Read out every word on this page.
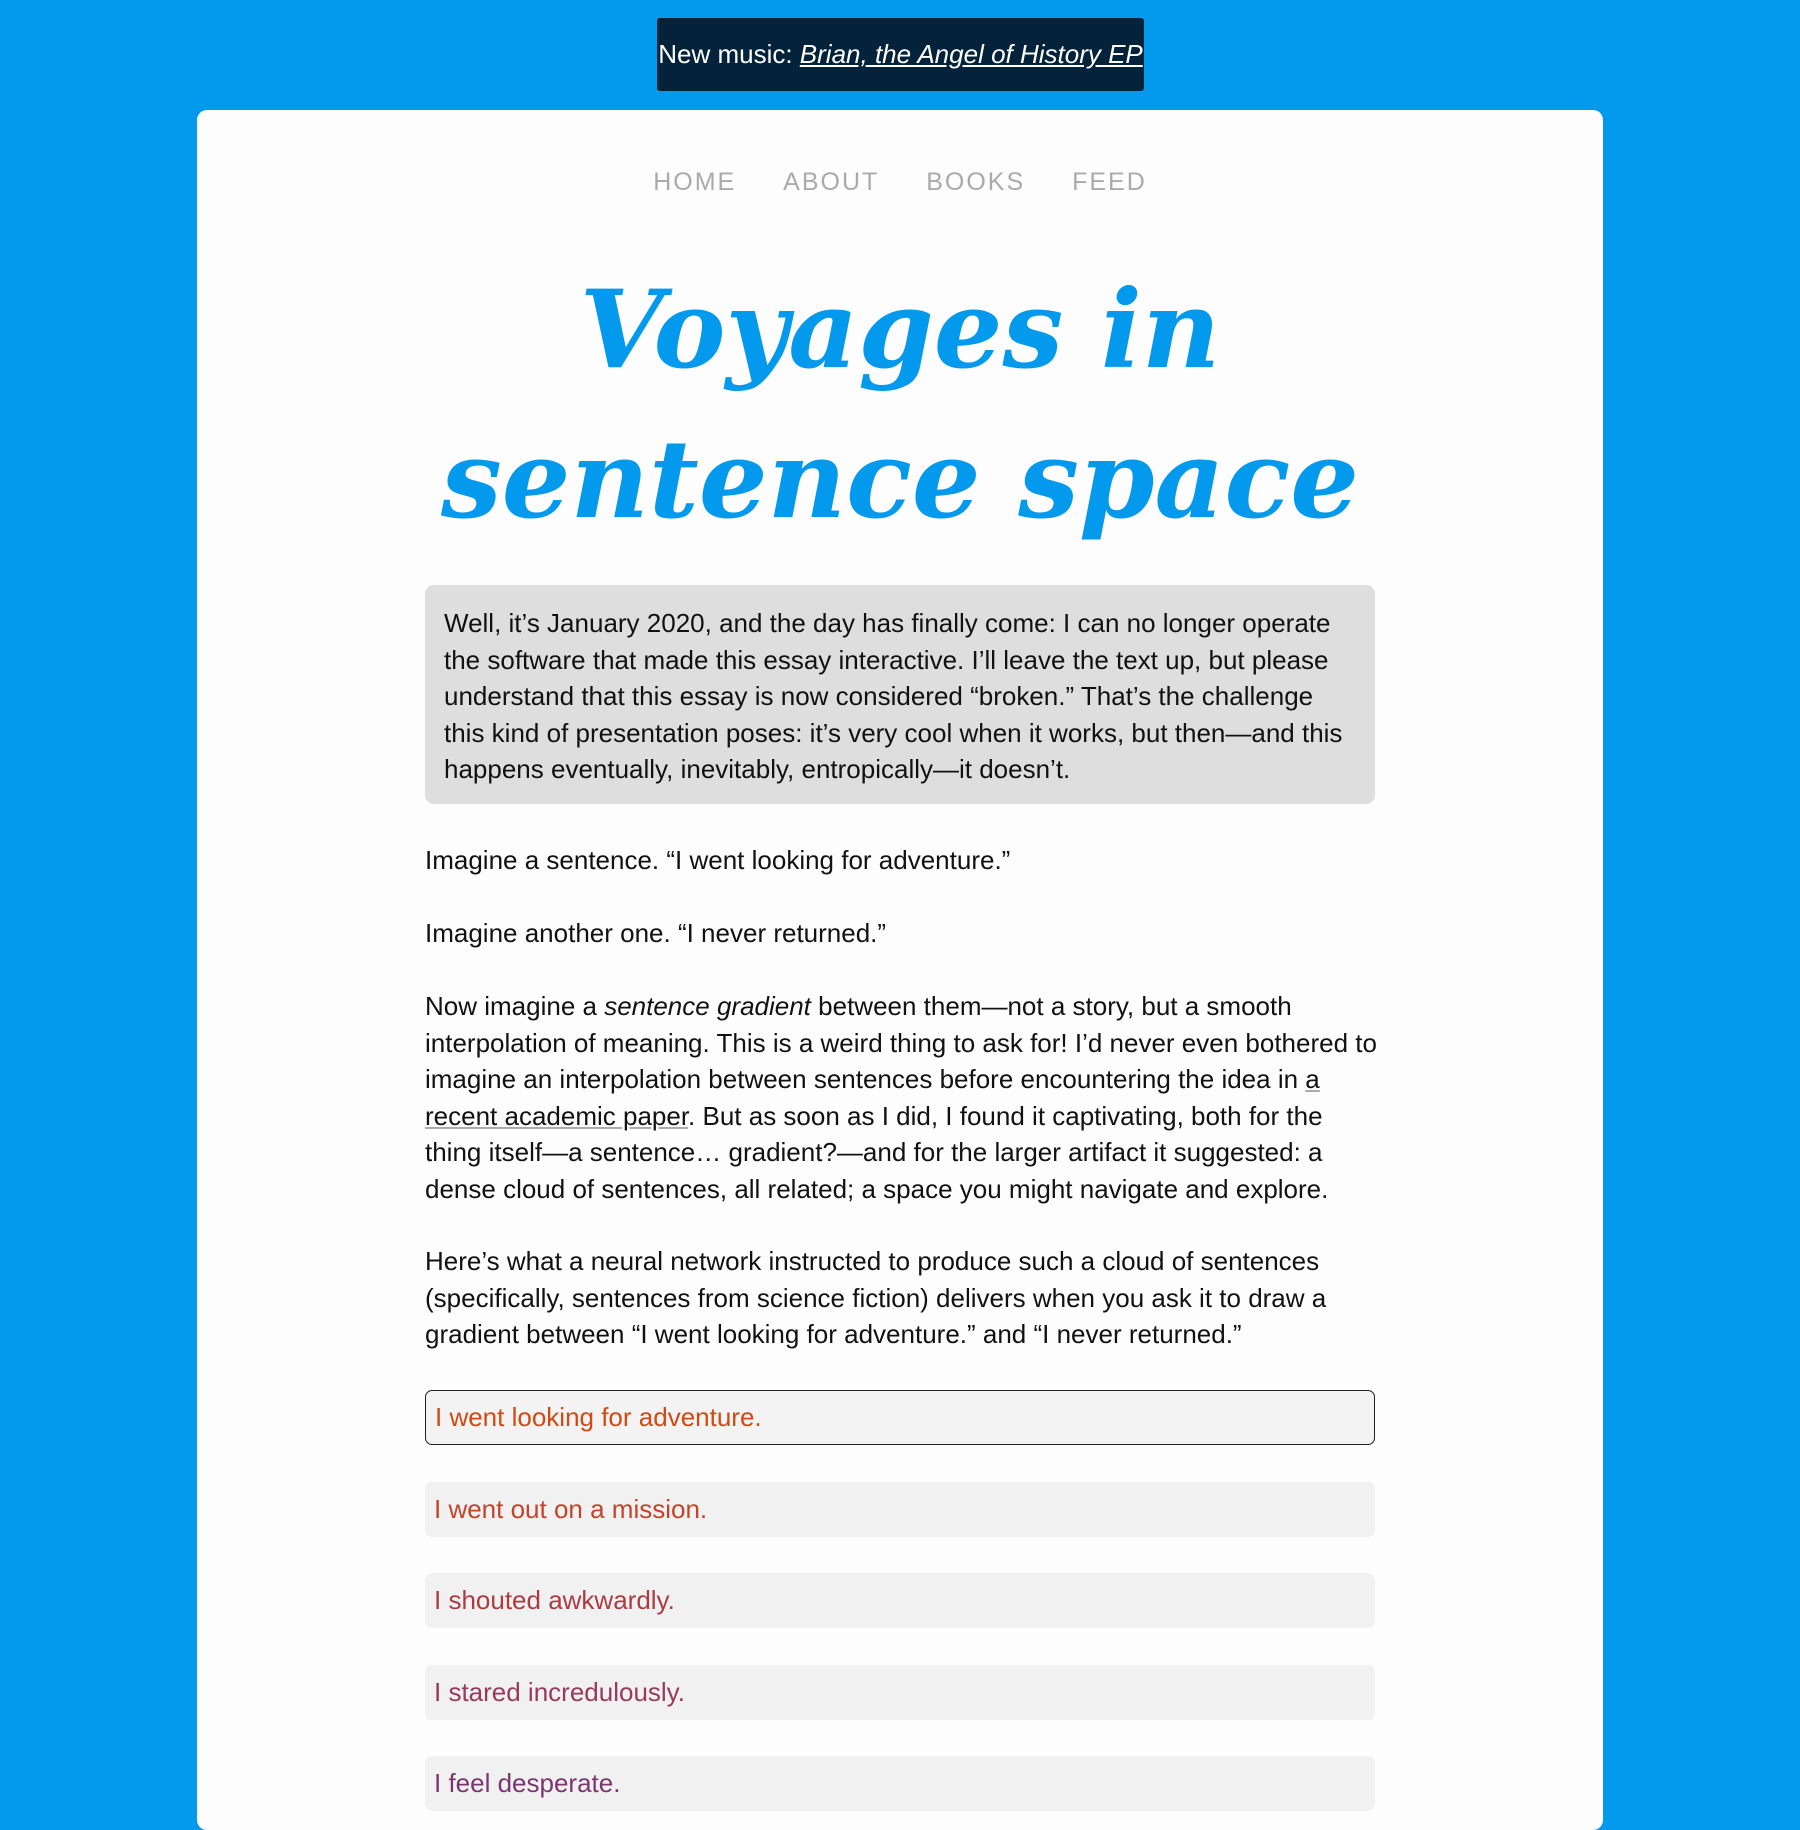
New music: Brian, the Angel of History EP
HOME ABOUT BOOKS FEED
Voyages in
sentence space
Well, it’s January 2020, and the day has finally come: I can no longer operate the software that made this essay interactive. I’ll leave the text up, but please understand that this essay is now considered “broken.” That’s the challenge this kind of presentation poses: it’s very cool when it works, but then—and this happens eventually, inevitably, entropically—it doesn’t.

Imagine a sentence. “I went looking for adventure.”

Imagine another one. “I never returned.”

Now imagine a sentence gradient between them—not a story, but a smooth interpolation of meaning. This is a weird thing to ask for! I’d never even bothered to imagine an interpolation between sentences before encountering the idea in a recent academic paper. But as soon as I did, I found it captivating, both for the thing itself—a sentence… gradient?—and for the larger artifact it suggested: a dense cloud of sentences, all related; a space you might navigate and explore.

Here’s what a neural network instructed to produce such a cloud of sentences (specifically, sentences from science fiction) delivers when you ask it to draw a gradient between “I went looking for adventure.” and “I never returned.”

I went looking for adventure.
I went out on a mission.
I shouted awkwardly.
I stared incredulously.
I feel desperate.
